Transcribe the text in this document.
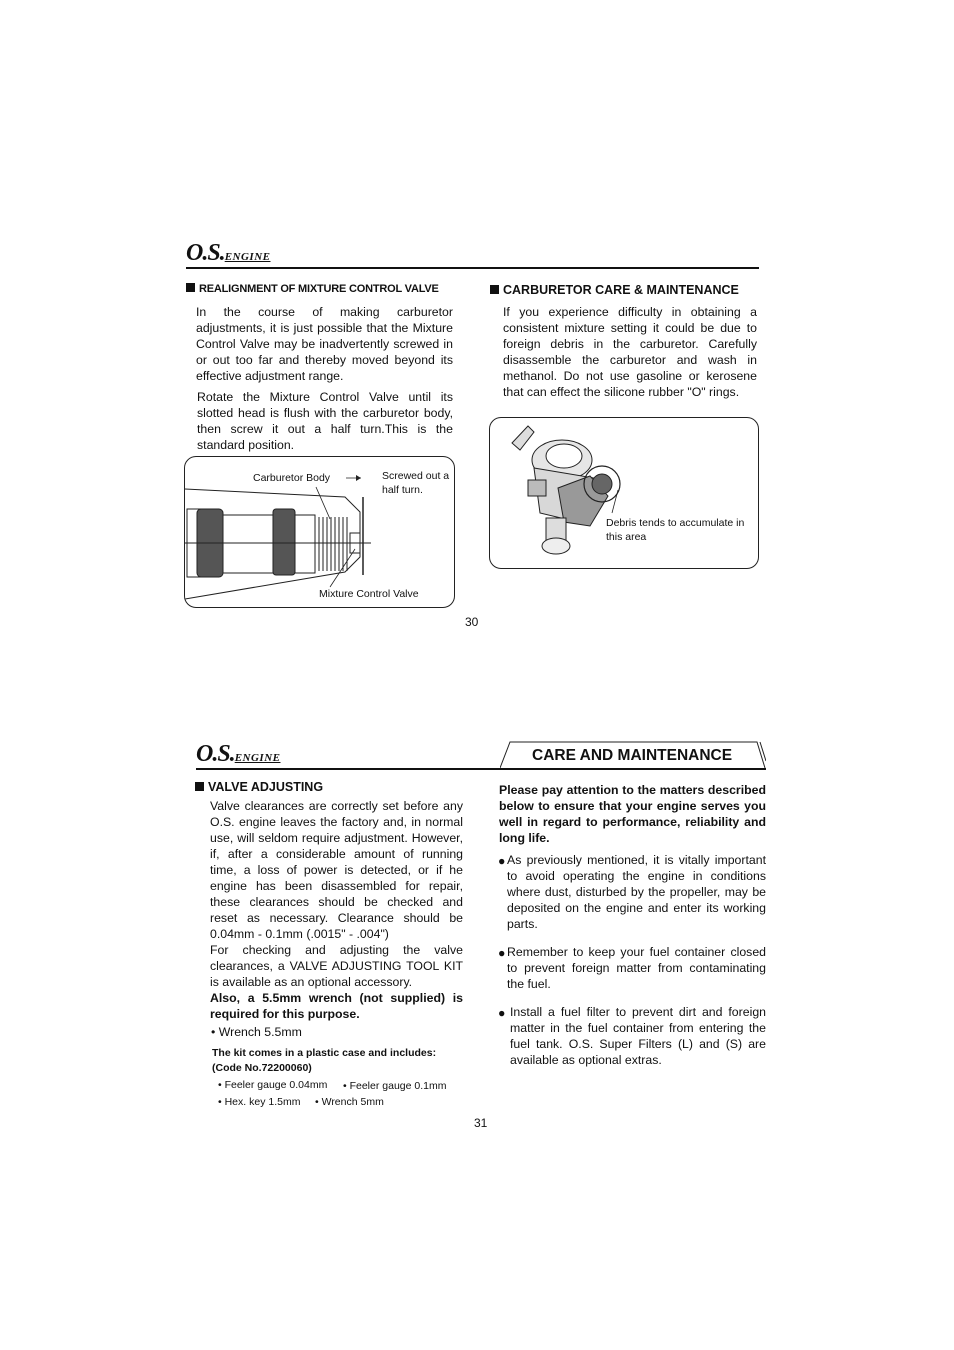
O.S.ENGINE
REALIGNMENT OF MIXTURE CONTROL VALVE
In the course of making carburetor adjustments, it is just possible that the Mixture Control Valve may be inadvertently screwed in or out too far and thereby moved beyond its effective adjustment range.
Rotate the Mixture Control Valve until its slotted head is flush with the carburetor body, then screw it out a half turn.This is the standard position.
Carburetor Body	Screwed out a half turn.
Mixture Control Valve
CARBURETOR CARE & MAINTENANCE
If you experience difficulty in obtaining a consistent mixture setting it could be due to foreign debris in the carburetor. Carefully disassemble the carburetor and wash in methanol. Do not use gasoline or kerosene that can effect the silicone rubber "O" rings.
Debris tends to accumulate in this area
30
O.S.ENGINE	CARE AND MAINTENANCE
VALVE ADJUSTING
Valve clearances are correctly set before any O.S. engine leaves the factory and, in normal use, will seldom require adjustment. However, if, after a considerable amount of running time, a loss of power is detected, or if he engine has been disassembled for repair, these clearances should be checked and reset as necessary. Clearance should be 0.04mm - 0.1mm (.0015" - .004")
For checking and adjusting the valve clearances, a VALVE ADJUSTING TOOL KIT is available as an optional accessory.
Also, a 5.5mm wrench (not supplied) is required for this purpose.
• Wrench 5.5mm
The kit comes in a plastic case and includes:
(Code No.72200060)
• Feeler gauge 0.04mm • Feeler gauge 0.1mm
• Hex. key 1.5mm • Wrench 5mm
Please pay attention to the matters described below to ensure that your engine serves you well in regard to performance, reliability and long life.
● As previously mentioned, it is vitally important to avoid operating the engine in conditions where dust, disturbed by the propeller, may be deposited on the engine and enter its working parts.
● Remember to keep your fuel container closed to prevent foreign matter from contaminating the fuel.
● Install a fuel filter to prevent dirt and foreign matter in the fuel container from entering the fuel tank. O.S. Super Filters (L) and (S) are available as optional extras.
31
